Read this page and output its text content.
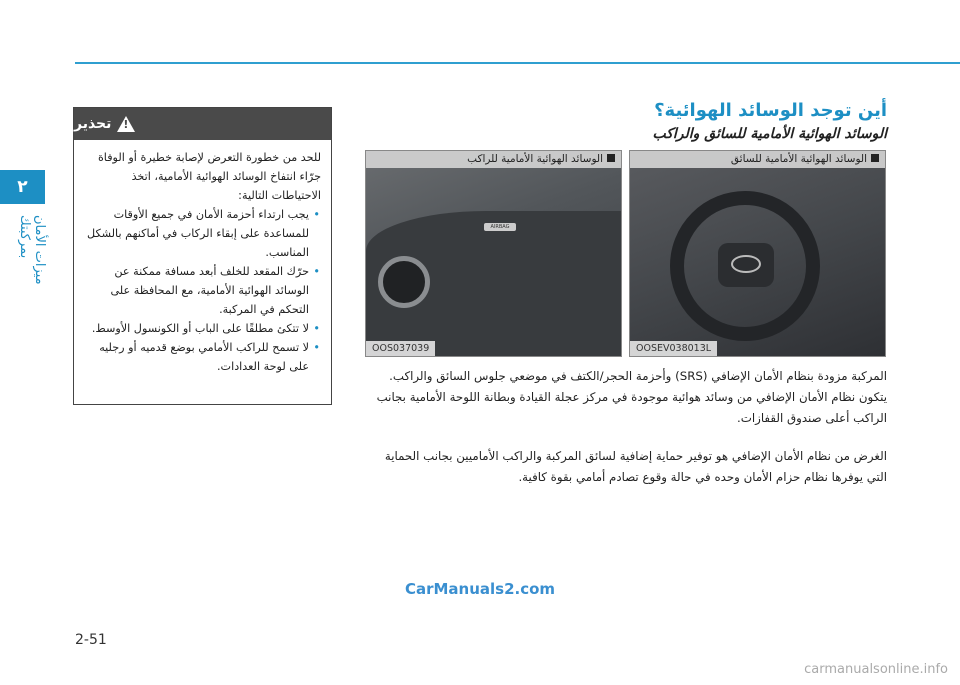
٢
ميزات الأمان بمركبتك
!
تحذير

للحد من خطورة التعرض لإصابة خطيرة أو الوفاة جرّاء انتفاخ الوسائد الهوائية الأمامية، اتخذ الاحتياطات التالية:

• يجب ارتداء أحزمة الأمان في جميع الأوقات للمساعدة على إبقاء الركاب في أماكنهم بالشكل المناسب.
• حرّك المقعد للخلف أبعد مسافة ممكنة عن الوسائد الهوائية الأمامية، مع المحافظة على التحكم في المركبة.
• لا تتكئ مطلقًا على الباب أو الكونسول الأوسط.
• لا تسمح للراكب الأمامي بوضع قدميه أو رجليه على لوحة العدادات.
أين توجد الوسائد الهوائية؟
الوسائد الهوائية الأمامية للسائق والراكب
الوسائد الهوائية الأمامية للسائق
OOSEV038013L
AIRBAG
الوسائد الهوائية الأمامية للراكب
OOS037039
المركبة مزودة بنظام الأمان الإضافي (SRS) وأحزمة الحجر/الكتف في موضعي جلوس السائق والراكب. يتكون نظام الأمان الإضافي من وسائد هوائية موجودة في مركز عجلة القيادة وبطانة اللوحة الأمامية بجانب الراكب أعلى صندوق القفازات.
الغرض من نظام الأمان الإضافي هو توفير حماية إضافية لسائق المركبة والراكب الأماميين بجانب الحماية التي يوفرها نظام حزام الأمان وحده في حالة وقوع تصادم أمامي بقوة كافية.
CarManuals2.com
2-51
carmanualsonline.info
